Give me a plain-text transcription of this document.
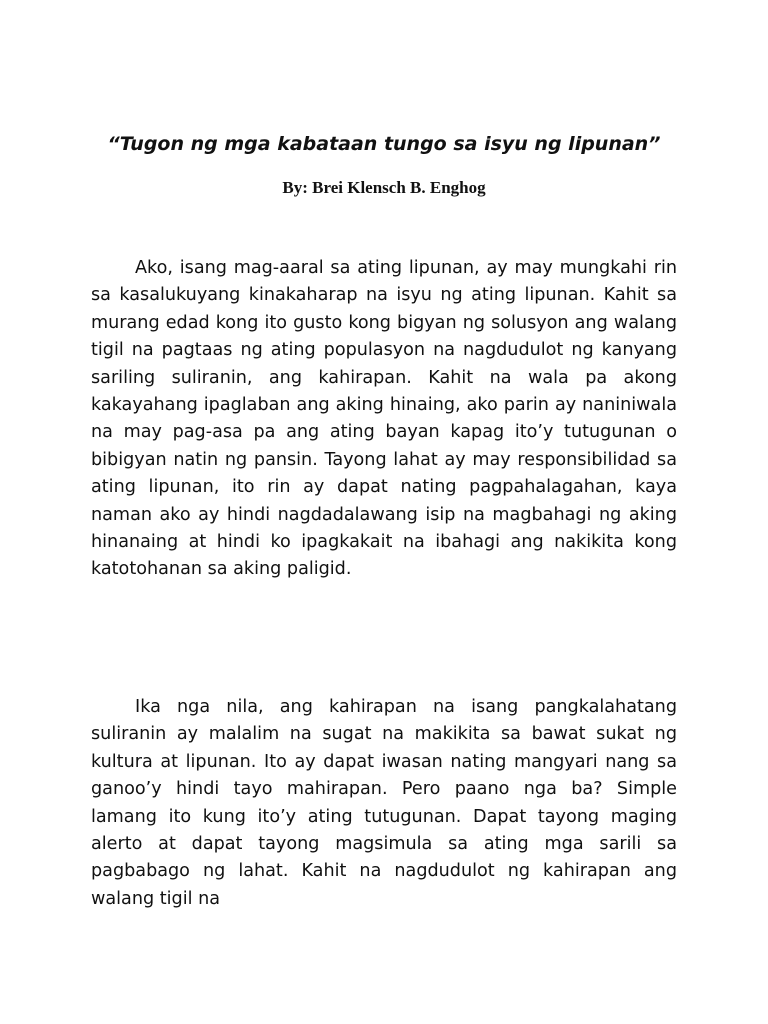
“Tugon ng mga kabataan tungo sa isyu ng lipunan”

By: Brei Klensch B. Enghog

Ako, isang mag-aaral sa ating lipunan, ay may mungkahi rin sa kasalukuyang kinakaharap na isyu ng ating lipunan. Kahit sa murang edad kong ito gusto kong bigyan ng solusyon ang walang tigil na pagtaas ng ating populasyon na nagdudulot ng kanyang sariling suliranin, ang kahirapan. Kahit na wala pa akong kakayahang ipaglaban ang aking hinaing, ako parin ay naniniwala na may pag-asa pa ang ating bayan kapag ito’y tutugunan o bibigyan natin ng pansin. Tayong lahat ay may responsibilidad sa ating lipunan, ito rin ay dapat nating pagpahalagahan, kaya naman ako ay hindi nagdadalawang isip na magbahagi ng aking hinanaing at hindi ko ipagkakait na ibahagi ang nakikita kong katotohanan sa aking paligid.

Ika nga nila, ang kahirapan na isang pangkalahatang suliranin ay malalim na sugat na makikita sa bawat sukat ng kultura at lipunan. Ito ay dapat iwasan nating mangyari nang sa ganoo’y hindi tayo mahirapan. Pero paano nga ba? Simple lamang ito kung ito’y ating tutugunan. Dapat tayong maging alerto at dapat tayong magsimula sa ating mga sarili sa pagbabago ng lahat. Kahit na nagdudulot ng kahirapan ang walang tigil na
